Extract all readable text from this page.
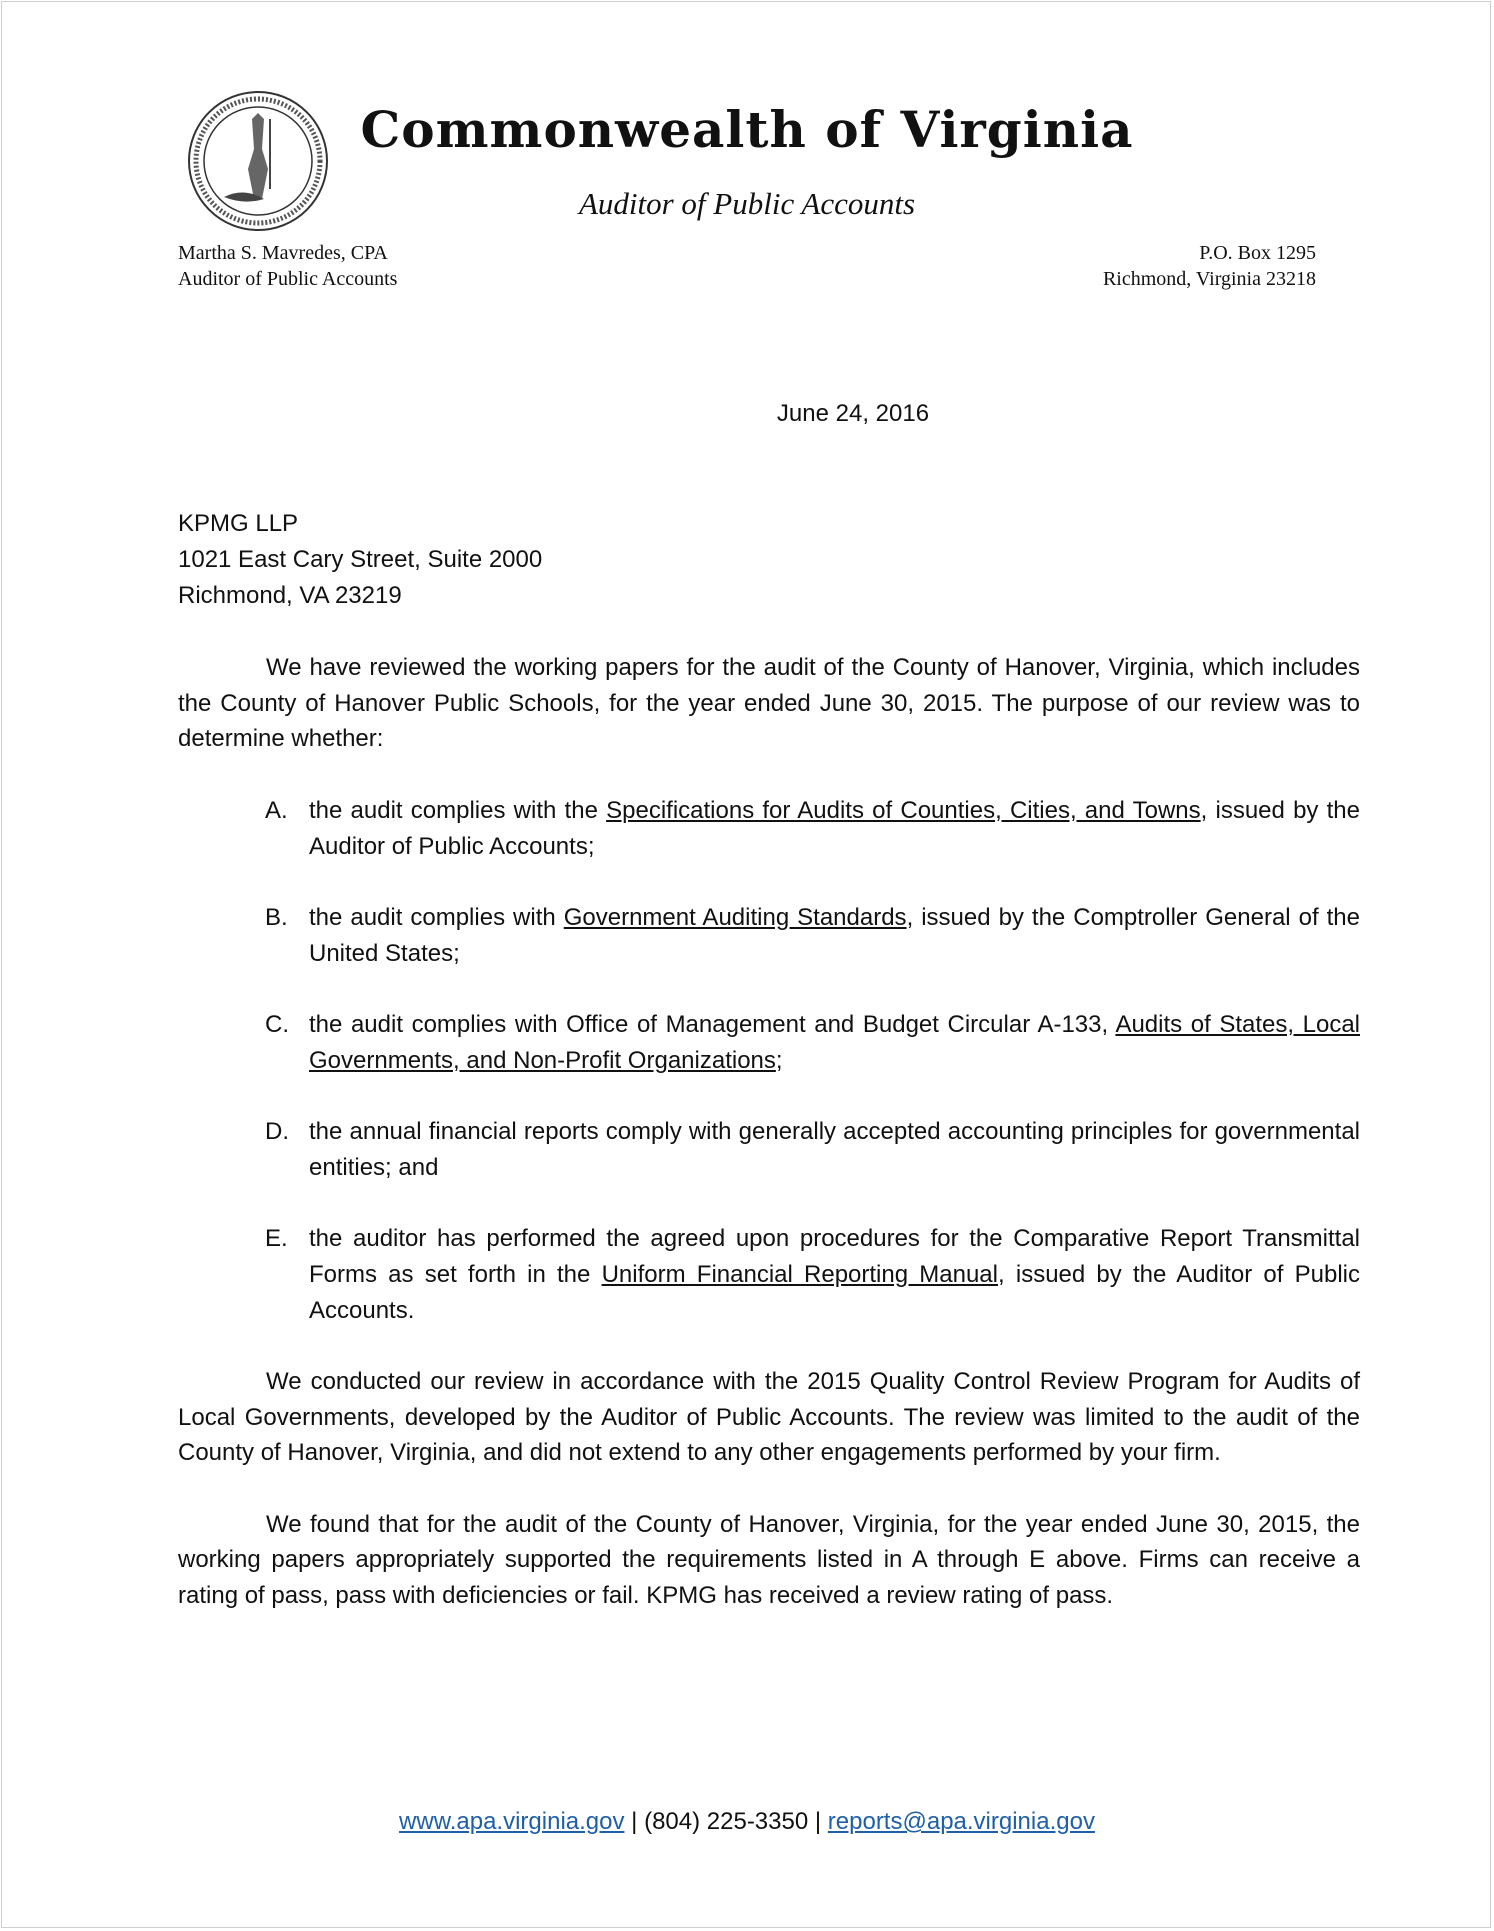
Commonwealth of Virginia
Auditor of Public Accounts
Martha S. Mavredes, CPA
Auditor of Public Accounts
P.O. Box 1295
Richmond, Virginia 23218
June 24, 2016
KPMG LLP
1021 East Cary Street, Suite 2000
Richmond, VA 23219

We have reviewed the working papers for the audit of the County of Hanover, Virginia, which includes the County of Hanover Public Schools, for the year ended June 30, 2015. The purpose of our review was to determine whether:

A. the audit complies with the Specifications for Audits of Counties, Cities, and Towns, issued by the Auditor of Public Accounts;
B. the audit complies with Government Auditing Standards, issued by the Comptroller General of the United States;
C. the audit complies with Office of Management and Budget Circular A-133, Audits of States, Local Governments, and Non-Profit Organizations;
D. the annual financial reports comply with generally accepted accounting principles for governmental entities; and
E. the auditor has performed the agreed upon procedures for the Comparative Report Transmittal Forms as set forth in the Uniform Financial Reporting Manual, issued by the Auditor of Public Accounts.

We conducted our review in accordance with the 2015 Quality Control Review Program for Audits of Local Governments, developed by the Auditor of Public Accounts. The review was limited to the audit of the County of Hanover, Virginia, and did not extend to any other engagements performed by your firm.

We found that for the audit of the County of Hanover, Virginia, for the year ended June 30, 2015, the working papers appropriately supported the requirements listed in A through E above. Firms can receive a rating of pass, pass with deficiencies or fail. KPMG has received a review rating of pass.

www.apa.virginia.gov | (804) 225-3350 | reports@apa.virginia.gov
